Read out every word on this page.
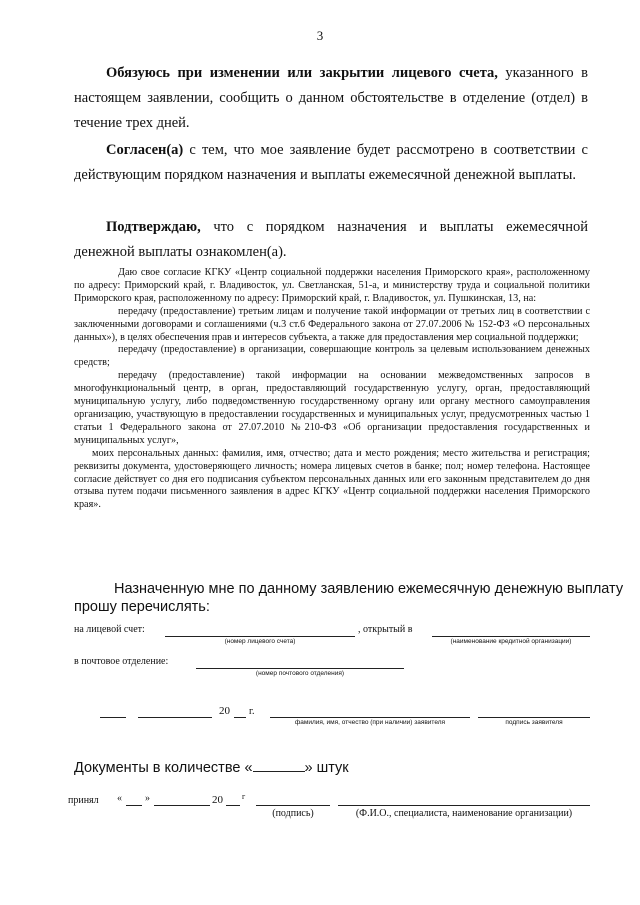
3
Обязуюсь при изменении или закрытии лицевого счета, указанного в настоящем заявлении, сообщить о данном обстоятельстве в отделение (отдел) в течение трех дней.
Согласен(а) с тем, что мое заявление будет рассмотрено в соответствии с действующим порядком назначения и выплаты ежемесячной денежной выплаты.
Подтверждаю, что с порядком назначения и выплаты ежемесячной денежной выплаты ознакомлен(а).
Даю свое согласие КГКУ «Центр социальной поддержки населения Приморского края», расположенному по адресу: Приморский край, г. Владивосток, ул. Светланская, 51-а, и министерству труда и социальной политики Приморского края, расположенному по адресу: Приморский край, г. Владивосток, ул. Пушкинская, 13, на:
передачу (предоставление) третьим лицам и получение такой информации от третьих лиц в соответствии с заключенными договорами и соглашениями (ч.3 ст.6 Федерального закона от 27.07.2006 № 152-ФЗ «О персональных данных»), в целях обеспечения прав и интересов субъекта, а также для предоставления мер социальной поддержки;
передачу (предоставление) в организации, совершающие контроль за целевым использованием денежных средств;
передачу (предоставление) такой информации на основании межведомственных запросов в многофункциональный центр, в орган, предоставляющий государственную услугу, орган, предоставляющий муниципальную услугу, либо подведомственную государственному органу или органу местного самоуправления организацию, участвующую в предоставлении государственных и муниципальных услуг, предусмотренных частью 1 статьи 1 Федерального закона от 27.07.2010 №210-ФЗ «Об организации предоставления государственных и муниципальных услуг»,
моих персональных данных: фамилия, имя, отчество; дата и место рождения; место жительства и регистрация; реквизиты документа, удостоверяющего личность; номера лицевых счетов в банке; пол; номер телефона. Настоящее согласие действует со дня его подписания субъектом персональных данных или его законным представителем до дня отзыва путем подачи письменного заявления в адрес КГКУ «Центр социальной поддержки населения Приморского края».
Назначенную мне по данному заявлению ежемесячную денежную выплату
прошу перечислять:
на лицевой счет:
(номер лицевого счета)
, открытый в
(наименование кредитной организации)
в почтовое отделение:
(номер почтового отделения)
20 г.
фамилия, имя, отчество (при наличии) заявителя	подпись заявителя
Документы в количестве «	» штук
принял « »	20 г
(подпись)	(Ф.И.О., специалиста, наименование организации)
